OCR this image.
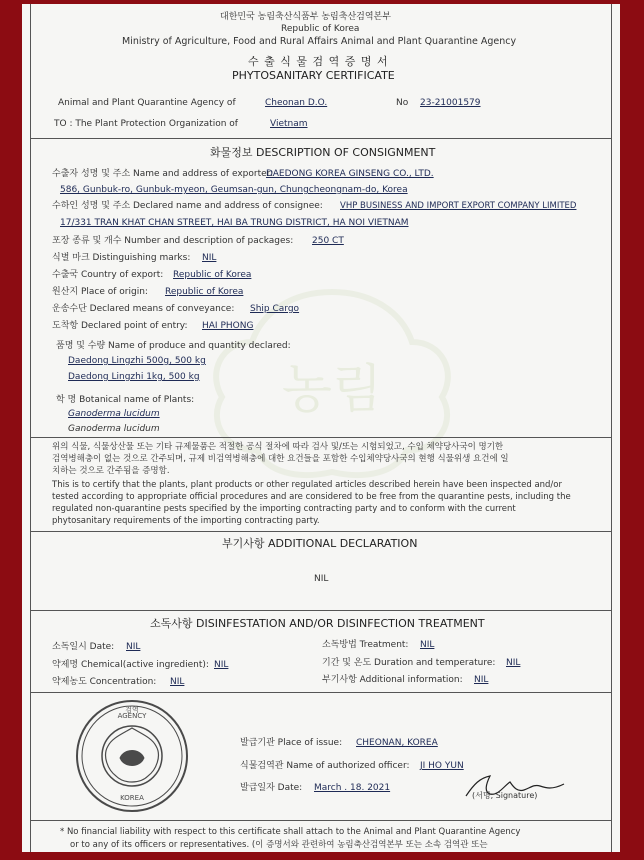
농림
대한민국 농림축산식품부 농림축산검역본부
Republic of Korea
Ministry of Agriculture, Food and Rural Affairs Animal and Plant Quarantine Agency
수 출 식 물 검 역 증 명 서
PHYTOSANITARY CERTIFICATE
Animal and Plant Quarantine Agency of	Cheonan D.O.	No 23-21001579
TO : The Plant Protection Organization of	Vietnam
화물정보 DESCRIPTION OF CONSIGNMENT
수출자 성명 및 주소 Name and address of exporter:
DAEDONG KOREA GINSENG CO., LTD.
586, Gunbuk-ro, Gunbuk-myeon, Geumsan-gun, Chungcheongnam-do, Korea
수하인 성명 및 주소 Declared name and address of consignee: VHP BUSINESS AND IMPORT EXPORT COMPANY LIMITED
17/331 TRAN KHAT CHAN STREET, HAI BA TRUNG DISTRICT, HA NOI VIETNAM
포장 종류 및 개수 Number and description of packages: 250 CT
식별 마크 Distinguishing marks: NIL
수출국 Country of export: Republic of Korea
원산지 Place of origin: Republic of Korea
운송수단 Declared means of conveyance: Ship Cargo
도착항 Declared point of entry: HAI PHONG
품명 및 수량 Name of produce and quantity declared:
Daedong Lingzhi 500g, 500 kg
Daedong Lingzhi 1kg, 500 kg
학 명 Botanical name of Plants:
Ganoderma lucidum
Ganoderma lucidum
위의 식물, 식물상산물 또는 기타 규제물품은 적절한 공식 절차에 따라 검사 및/또는 시험되었고, 수입 체약당사국이 명기한
검역병해충이 없는 것으로 간주되며, 규제 비검역병해충에 대한 요건들을 포함한 수입체약당사국의 현행 식물위생 요건에 일
치하는 것으로 간주됨을 증명함.
This is to certify that the plants, plant products or other regulated articles described herein have been inspected and/or
tested according to appropriate official procedures and are considered to be free from the quarantine pests, including the
regulated non-quarantine pests specified by the importing contracting party and to conform with the current
phytosanitary requirements of the importing contracting party.
부기사항 ADDITIONAL DECLARATION
NIL
소독사항 DISINFESTATION AND/OR DISINFECTION TREATMENT
소독일시 Date: NIL	소독방법 Treatment: NIL
약제명 Chemical(active ingredient): NIL	기간 및 온도 Duration and temperature: NIL
약제농도 Concentration: NIL	부기사항 Additional information: NIL
AGENCY
검역
KOREA
발급기관 Place of issue: CHEONAN, KOREA
식물검역관 Name of authorized officer: JI HO YUN
발급일자 Date: March . 18. 2021
(서명, Signature)
* No financial liability with respect to this certificate shall attach to the Animal and Plant Quarantine Agency
or to any of its officers or representatives. (이 증명서와 관련하여 농림축산검역본부 또는 소속 검역관 또는
